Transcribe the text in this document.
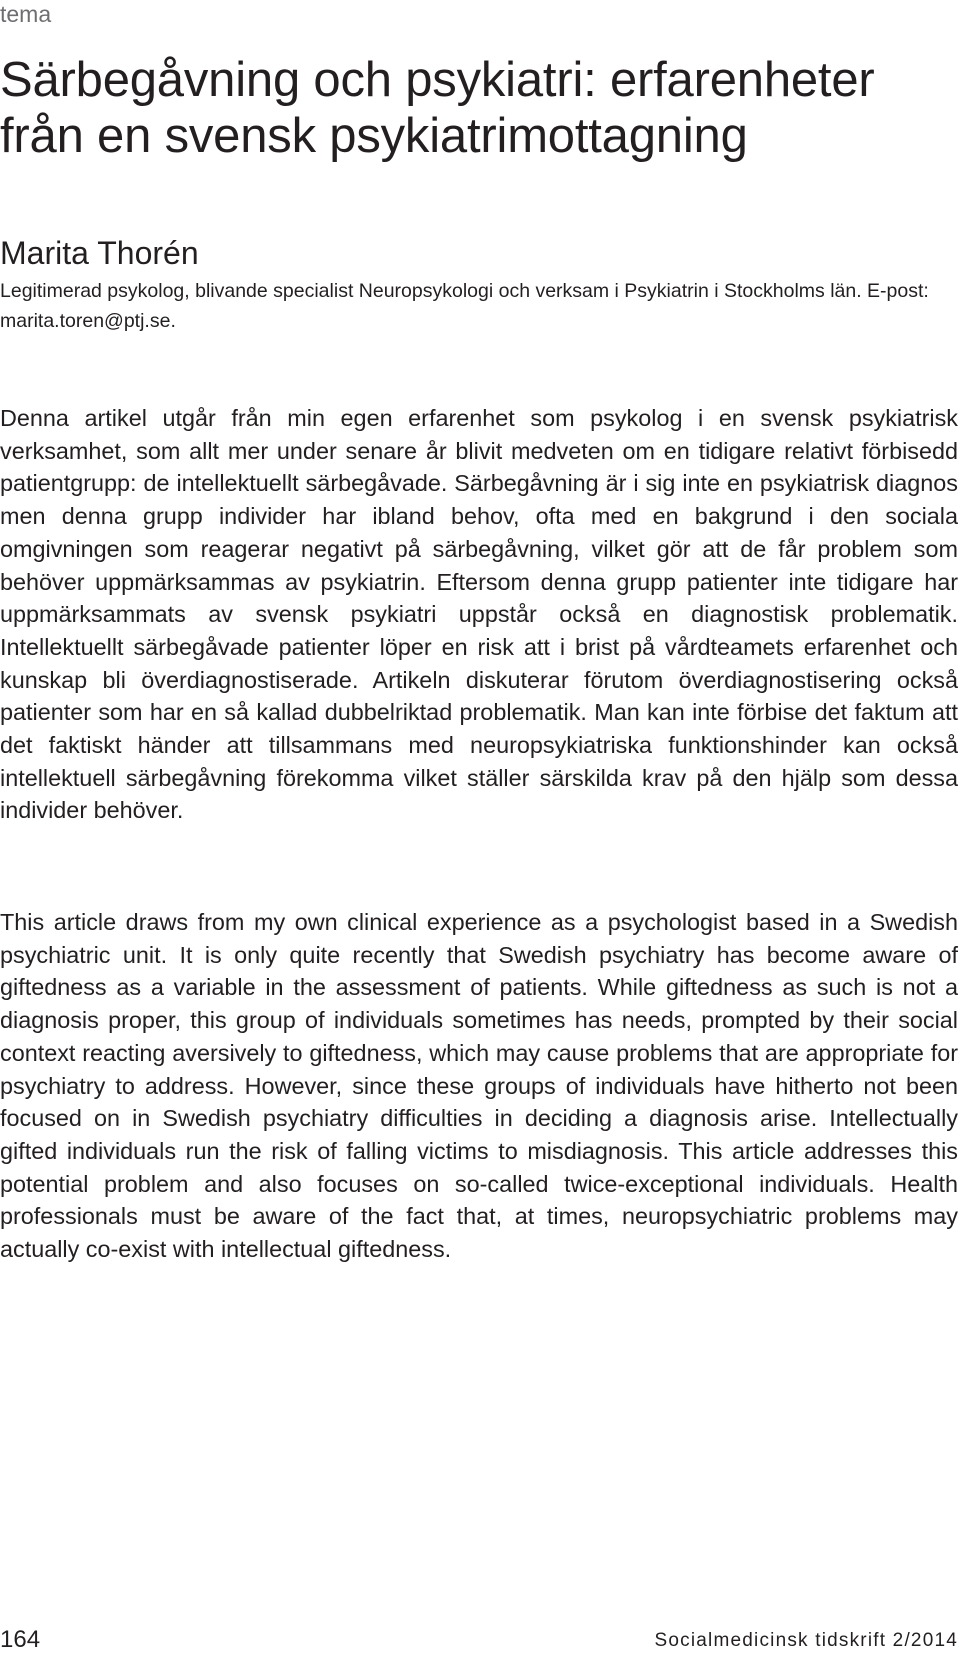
tema
Särbegåvning och psykiatri: erfarenheter från en svensk psykiatrimottagning
Marita Thorén
Legitimerad psykolog, blivande specialist Neuropsykologi och verksam i Psykiatrin i Stockholms län. E-post: marita.toren@ptj.se.

Denna artikel utgår från min egen erfarenhet som psykolog i en svensk psykiatrisk verksamhet, som allt mer under senare år blivit medveten om en tidigare relativt förbisedd patientgrupp: de intellektuellt särbegåvade. Särbegåvning är i sig inte en psykiatrisk diagnos men denna grupp individer har ibland behov, ofta med en bakgrund i den sociala omgivningen som reagerar negativt på särbegåvning, vilket gör att de får problem som behöver uppmärksammas av psykiatrin. Eftersom denna grupp patienter inte tidigare har uppmärksammats av svensk psykiatri uppstår också en diagnostisk problematik. Intellektuellt särbegåvade patienter löper en risk att i brist på vårdteamets erfarenhet och kunskap bli överdiagnostiserade. Artikeln diskuterar förutom överdiagnostisering också patienter som har en så kallad dubbelriktad problematik. Man kan inte förbise det faktum att det faktiskt händer att tillsammans med neuropsykiatriska funktionshinder kan också intellektuell särbegåvning förekomma vilket ställer särskilda krav på den hjälp som dessa individer behöver.

This article draws from my own clinical experience as a psychologist based in a Swedish psychiatric unit. It is only quite recently that Swedish psychiatry has become aware of giftedness as a variable in the assessment of patients. While giftedness as such is not a diagnosis proper, this group of individuals sometimes has needs, prompted by their social context reacting aversively to giftedness, which may cause problems that are appropriate for psychiatry to address. However, since these groups of individuals have hitherto not been focused on in Swedish psychiatry difficulties in deciding a diagnosis arise. Intellectually gifted individuals run the risk of falling victims to misdiagnosis. This article addresses this potential problem and also focuses on so-called twice-exceptional individuals. Health professionals must be aware of the fact that, at times, neuropsychiatric problems may actually co-exist with intellectual giftedness.

164	Socialmedicinsk tidskrift 2/2014
